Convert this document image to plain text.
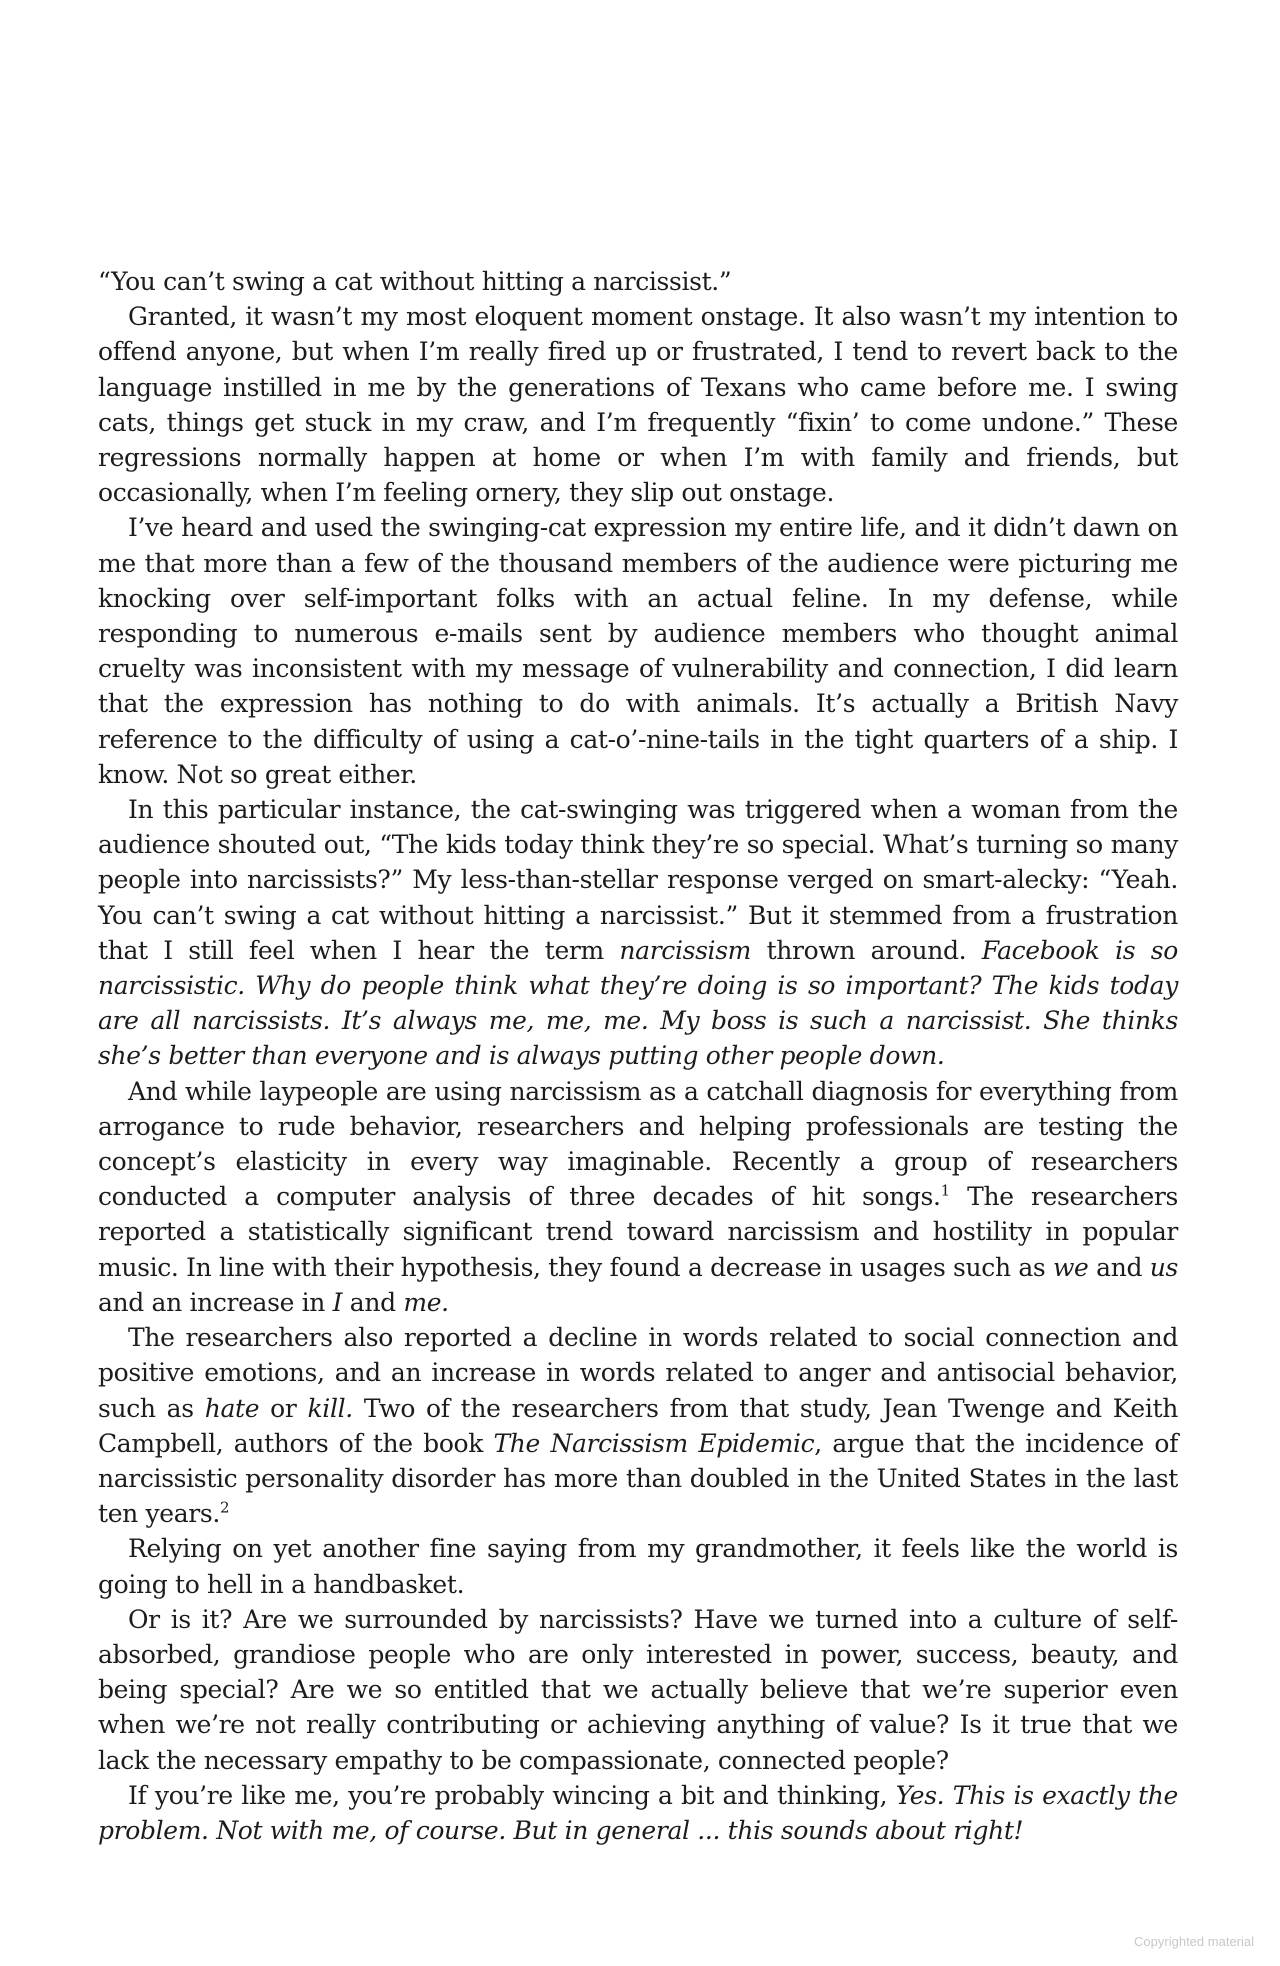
“You can’t swing a cat without hitting a narcissist.”

Granted, it wasn’t my most eloquent moment onstage. It also wasn’t my intention to offend anyone, but when I’m really fired up or frustrated, I tend to revert back to the language instilled in me by the generations of Texans who came before me. I swing cats, things get stuck in my craw, and I’m frequently “fixin’ to come undone.” These regressions normally happen at home or when I’m with family and friends, but occasionally, when I’m feeling ornery, they slip out onstage.

I’ve heard and used the swinging-cat expression my entire life, and it didn’t dawn on me that more than a few of the thousand members of the audience were picturing me knocking over self-important folks with an actual feline. In my defense, while responding to numerous e-mails sent by audience members who thought animal cruelty was inconsistent with my message of vulnerability and connection, I did learn that the expression has nothing to do with animals. It’s actually a British Navy reference to the difficulty of using a cat-o’-nine-tails in the tight quarters of a ship. I know. Not so great either.

In this particular instance, the cat-swinging was triggered when a woman from the audience shouted out, “The kids today think they’re so special. What’s turning so many people into narcissists?” My less-than-stellar response verged on smart-alecky: “Yeah. You can’t swing a cat without hitting a narcissist.” But it stemmed from a frustration that I still feel when I hear the term narcissism thrown around. Facebook is so narcissistic. Why do people think what they’re doing is so important? The kids today are all narcissists. It’s always me, me, me. My boss is such a narcissist. She thinks she’s better than everyone and is always putting other people down.

And while laypeople are using narcissism as a catchall diagnosis for everything from arrogance to rude behavior, researchers and helping professionals are testing the concept’s elasticity in every way imaginable. Recently a group of researchers conducted a computer analysis of three decades of hit songs.$^1$ The researchers reported a statistically significant trend toward narcissism and hostility in popular music. In line with their hypothesis, they found a decrease in usages such as we and us and an increase in I and me.

The researchers also reported a decline in words related to social connection and positive emotions, and an increase in words related to anger and antisocial behavior, such as hate or kill. Two of the researchers from that study, Jean Twenge and Keith Campbell, authors of the book The Narcissism Epidemic, argue that the incidence of narcissistic personality disorder has more than doubled in the United States in the last ten years.$^2$

Relying on yet another fine saying from my grandmother, it feels like the world is going to hell in a handbasket.

Or is it? Are we surrounded by narcissists? Have we turned into a culture of self-absorbed, grandiose people who are only interested in power, success, beauty, and being special? Are we so entitled that we actually believe that we’re superior even when we’re not really contributing or achieving anything of value? Is it true that we lack the necessary empathy to be compassionate, connected people?

If you’re like me, you’re probably wincing a bit and thinking, Yes. This is exactly the problem. Not with me, of course. But in general ... this sounds about right!

Copyrighted material
